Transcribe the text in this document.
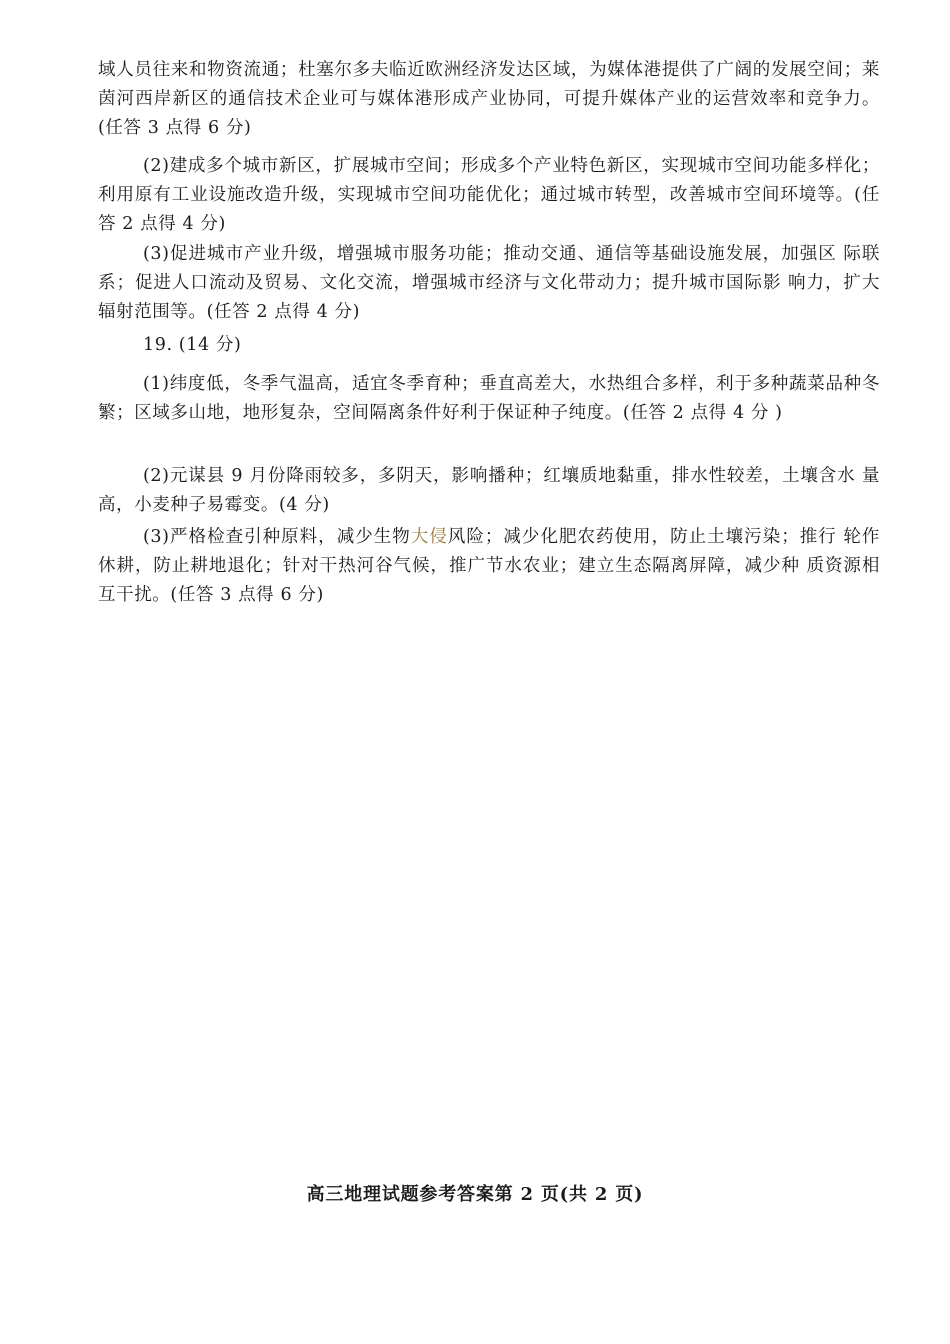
域人员往来和物资流通；杜塞尔多夫临近欧洲经济发达区域，为媒体港提供了广阔的发展空间；莱茵河西岸新区的通信技术企业可与媒体港形成产业协同，可提升媒体产业的运营效率和竞争力。(任答 3 点得 6 分)

(2)建成多个城市新区，扩展城市空间；形成多个产业特色新区，实现城市空间功能多样化；利用原有工业设施改造升级，实现城市空间功能优化；通过城市转型，改善城市空间环境等。(任答 2 点得 4 分)

(3)促进城市产业升级，增强城市服务功能；推动交通、通信等基础设施发展，加强区 际联系；促进人口流动及贸易、文化交流，增强城市经济与文化带动力；提升城市国际影 响力，扩大辐射范围等。(任答 2 点得 4 分)

19. (14 分)

(1)纬度低，冬季气温高，适宜冬季育种；垂直高差大，水热组合多样，利于多种蔬菜品种冬繁；区域多山地，地形复杂，空间隔离条件好利于保证种子纯度。(任答 2 点得 4 分 )

(2)元谋县 9 月份降雨较多，多阴天，影响播种；红壤质地黏重，排水性较差，土壤含水 量高，小麦种子易霉变。(4 分)

(3)严格检查引种原料，减少生物大侵风险；减少化肥农药使用，防止土壤污染；推行 轮作休耕，防止耕地退化；针对干热河谷气候，推广节水农业；建立生态隔离屏障，减少种 质资源相互干扰。(任答 3 点得 6 分)

高三地理试题参考答案第 2 页(共 2 页)
